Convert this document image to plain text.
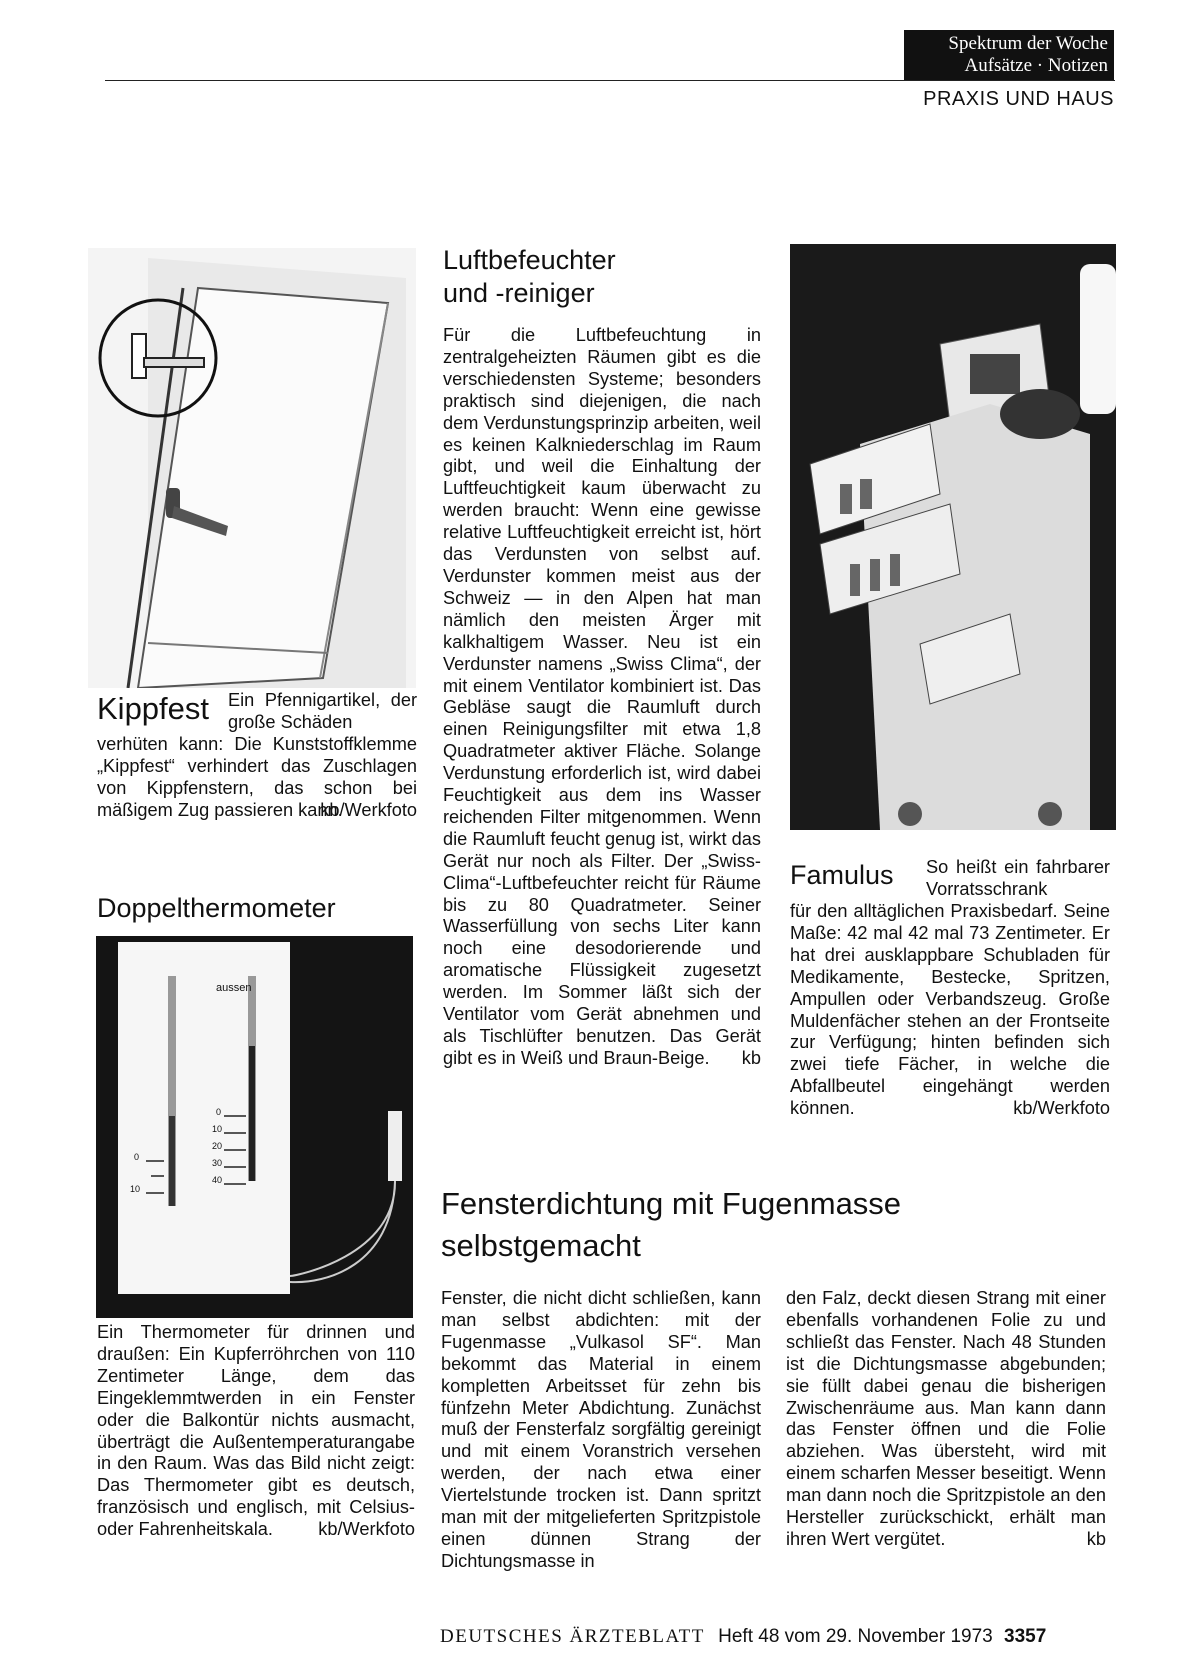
Spektrum der Woche
Aufsätze · Notizen
PRAXIS UND HAUS
Kippfest Ein Pfennigartikel, der große Schäden
verhüten kann: Die Kunststoffklemme „Kippfest“ verhindert das Zuschlagen von Kippfenstern, das schon bei mäßigem Zug passieren kann.
kb/Werkfoto
Doppelthermometer
aussen
0
10
0
10
20
30
40
Ein Thermometer für drinnen und draußen: Ein Kupferröhrchen von 110 Zentimeter Länge, dem das Eingeklemmtwerden in ein Fenster oder die Balkontür nichts ausmacht, überträgt die Außentemperaturangabe in den Raum. Was das Bild nicht zeigt: Das Thermometer gibt es deutsch, französisch und englisch, mit Celsius- oder Fahrenheitskala.	kb/Werkfoto
Luftbefeuchter
und -reiniger
Für die Luftbefeuchtung in zentralgeheizten Räumen gibt es die verschiedensten Systeme; besonders praktisch sind diejenigen, die nach dem Verdunstungsprinzip arbeiten, weil es keinen Kalkniederschlag im Raum gibt, und weil die Einhaltung der Luftfeuchtigkeit kaum überwacht zu werden braucht: Wenn eine gewisse relative Luftfeuchtigkeit erreicht ist, hört das Verdunsten von selbst auf. Verdunster kommen meist aus der Schweiz — in den Alpen hat man nämlich den meisten Ärger mit kalkhaltigem Wasser. Neu ist ein Verdunster namens „Swiss Clima“, der mit einem Ventilator kombiniert ist. Das Gebläse saugt die Raumluft durch einen Reinigungsfilter mit etwa 1,8 Quadratmeter aktiver Fläche. Solange Verdunstung erforderlich ist, wird dabei Feuchtigkeit aus dem ins Wasser reichenden Filter mitgenommen. Wenn die Raumluft feucht genug ist, wirkt das Gerät nur noch als Filter. Der „Swiss-Clima“-Luftbefeuchter reicht für Räume bis zu 80 Quadratmeter. Seiner Wasserfüllung von sechs Liter kann noch eine desodorierende und aromatische Flüssigkeit zugesetzt werden. Im Sommer läßt sich der Ventilator vom Gerät abnehmen und als Tischlüfter benutzen. Das Gerät gibt es in Weiß und Braun-Beige.	kb
Famulus So heißt ein fahrbarer Vorratsschrank
für den alltäglichen Praxisbedarf. Seine Maße: 42 mal 42 mal 73 Zentimeter. Er hat drei ausklappbare Schubladen für Medikamente, Bestecke, Spritzen, Ampullen oder Verbandszeug. Große Muldenfächer stehen an der Frontseite zur Verfügung; hinten befinden sich zwei tiefe Fächer, in welche die Abfallbeutel eingehängt werden können.	kb/Werkfoto
Fensterdichtung mit Fugenmasse
selbstgemacht
Fenster, die nicht dicht schließen, kann man selbst abdichten: mit der Fugenmasse „Vulkasol SF“. Man bekommt das Material in einem kompletten Arbeitsset für zehn bis fünfzehn Meter Abdichtung. Zunächst muß der Fensterfalz sorgfältig gereinigt und mit einem Voranstrich versehen werden, der nach etwa einer Viertelstunde trocken ist. Dann spritzt man mit der mitgelieferten Spritzpistole einen dünnen Strang der Dichtungsmasse in
den Falz, deckt diesen Strang mit einer ebenfalls vorhandenen Folie zu und schließt das Fenster. Nach 48 Stunden ist die Dichtungsmasse abgebunden; sie füllt dabei genau die bisherigen Zwischenräume aus. Man kann dann das Fenster öffnen und die Folie abziehen. Was übersteht, wird mit einem scharfen Messer beseitigt. Wenn man dann noch die Spritzpistole an den Hersteller zurückschickt, erhält man ihren Wert vergütet.	kb
DEUTSCHES ÄRZTEBLATT Heft 48 vom 29. November 1973 3357
